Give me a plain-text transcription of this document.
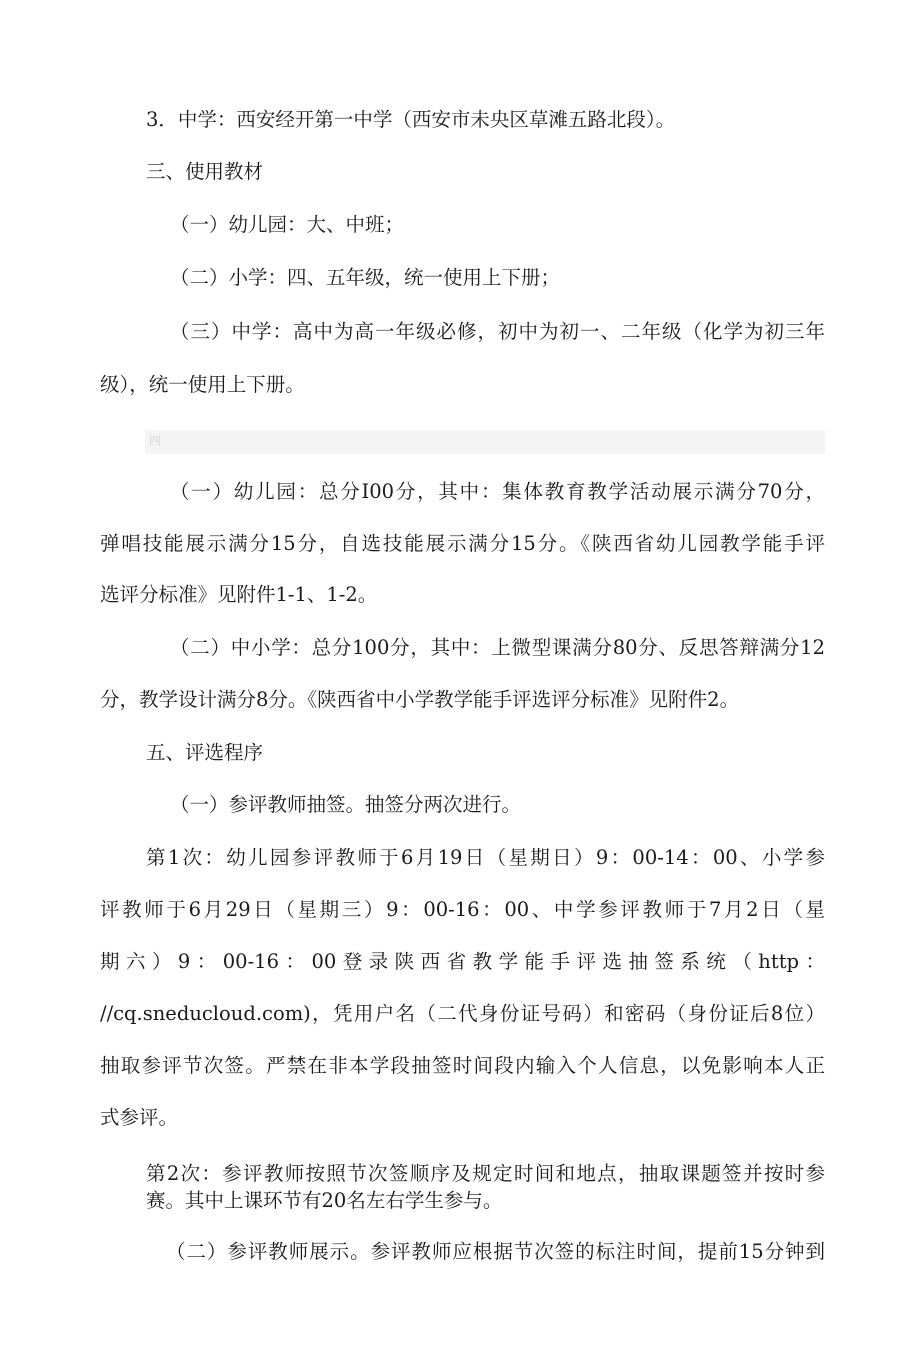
3．中学：西安经开第一中学（西安市未央区草滩五路北段）。
三、使用教材
（一）幼儿园：大、中班；
（二）小学：四、五年级，统一使用上下册；
（三）中学：高中为高一年级必修，初中为初一、二年级（化学为初三年
级），统一使用上下册。
四
（一）幼儿园：总分I00分，其中：集体教育教学活动展示满分70分，
弹唱技能展示满分15分，自选技能展示满分15分。《陕西省幼儿园教学能手评
选评分标准》见附件1-1、1-2。
（二）中小学：总分100分，其中：上微型课满分80分、反思答辩满分12
分，教学设计满分8分。《陕西省中小学教学能手评选评分标准》见附件2。
五、评选程序
（一）参评教师抽签。抽签分两次进行。
第1次：幼儿园参评教师于6月19日（星期日）9：00-14：00、小学参
评教师于6月29日（星期三）9：00-16：00、中学参评教师于7月2日（星
期六）9：00-16：00登录陕西省教学能手评选抽签系统（http：
//cq.sneducloud.com)，凭用户名（二代身份证号码）和密码（身份证后8位）
抽取参评节次签。严禁在非本学段抽签时间段内输入个人信息，以免影响本人正
式参评。
第2次：参评教师按照节次签顺序及规定时间和地点，抽取课题签并按时参
赛。其中上课环节有20名左右学生参与。
（二）参评教师展示。参评教师应根据节次签的标注时间，提前15分钟到
